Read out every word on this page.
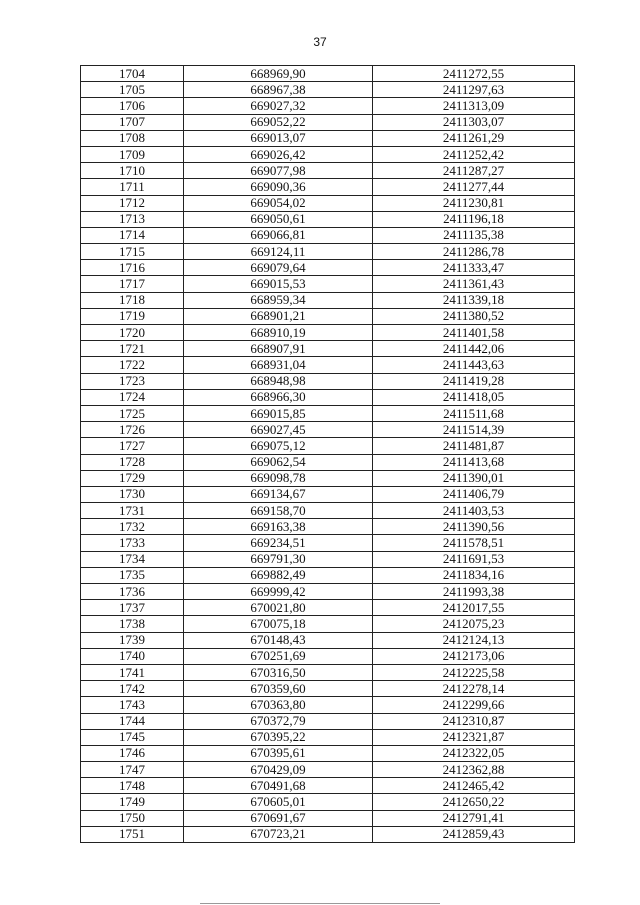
37
1704	668969,90	2411272,55
1705	668967,38	2411297,63
1706	669027,32	2411313,09
1707	669052,22	2411303,07
1708	669013,07	2411261,29
1709	669026,42	2411252,42
1710	669077,98	2411287,27
1711	669090,36	2411277,44
1712	669054,02	2411230,81
1713	669050,61	2411196,18
1714	669066,81	2411135,38
1715	669124,11	2411286,78
1716	669079,64	2411333,47
1717	669015,53	2411361,43
1718	668959,34	2411339,18
1719	668901,21	2411380,52
1720	668910,19	2411401,58
1721	668907,91	2411442,06
1722	668931,04	2411443,63
1723	668948,98	2411419,28
1724	668966,30	2411418,05
1725	669015,85	2411511,68
1726	669027,45	2411514,39
1727	669075,12	2411481,87
1728	669062,54	2411413,68
1729	669098,78	2411390,01
1730	669134,67	2411406,79
1731	669158,70	2411403,53
1732	669163,38	2411390,56
1733	669234,51	2411578,51
1734	669791,30	2411691,53
1735	669882,49	2411834,16
1736	669999,42	2411993,38
1737	670021,80	2412017,55
1738	670075,18	2412075,23
1739	670148,43	2412124,13
1740	670251,69	2412173,06
1741	670316,50	2412225,58
1742	670359,60	2412278,14
1743	670363,80	2412299,66
1744	670372,79	2412310,87
1745	670395,22	2412321,87
1746	670395,61	2412322,05
1747	670429,09	2412362,88
1748	670491,68	2412465,42
1749	670605,01	2412650,22
1750	670691,67	2412791,41
1751	670723,21	2412859,43
